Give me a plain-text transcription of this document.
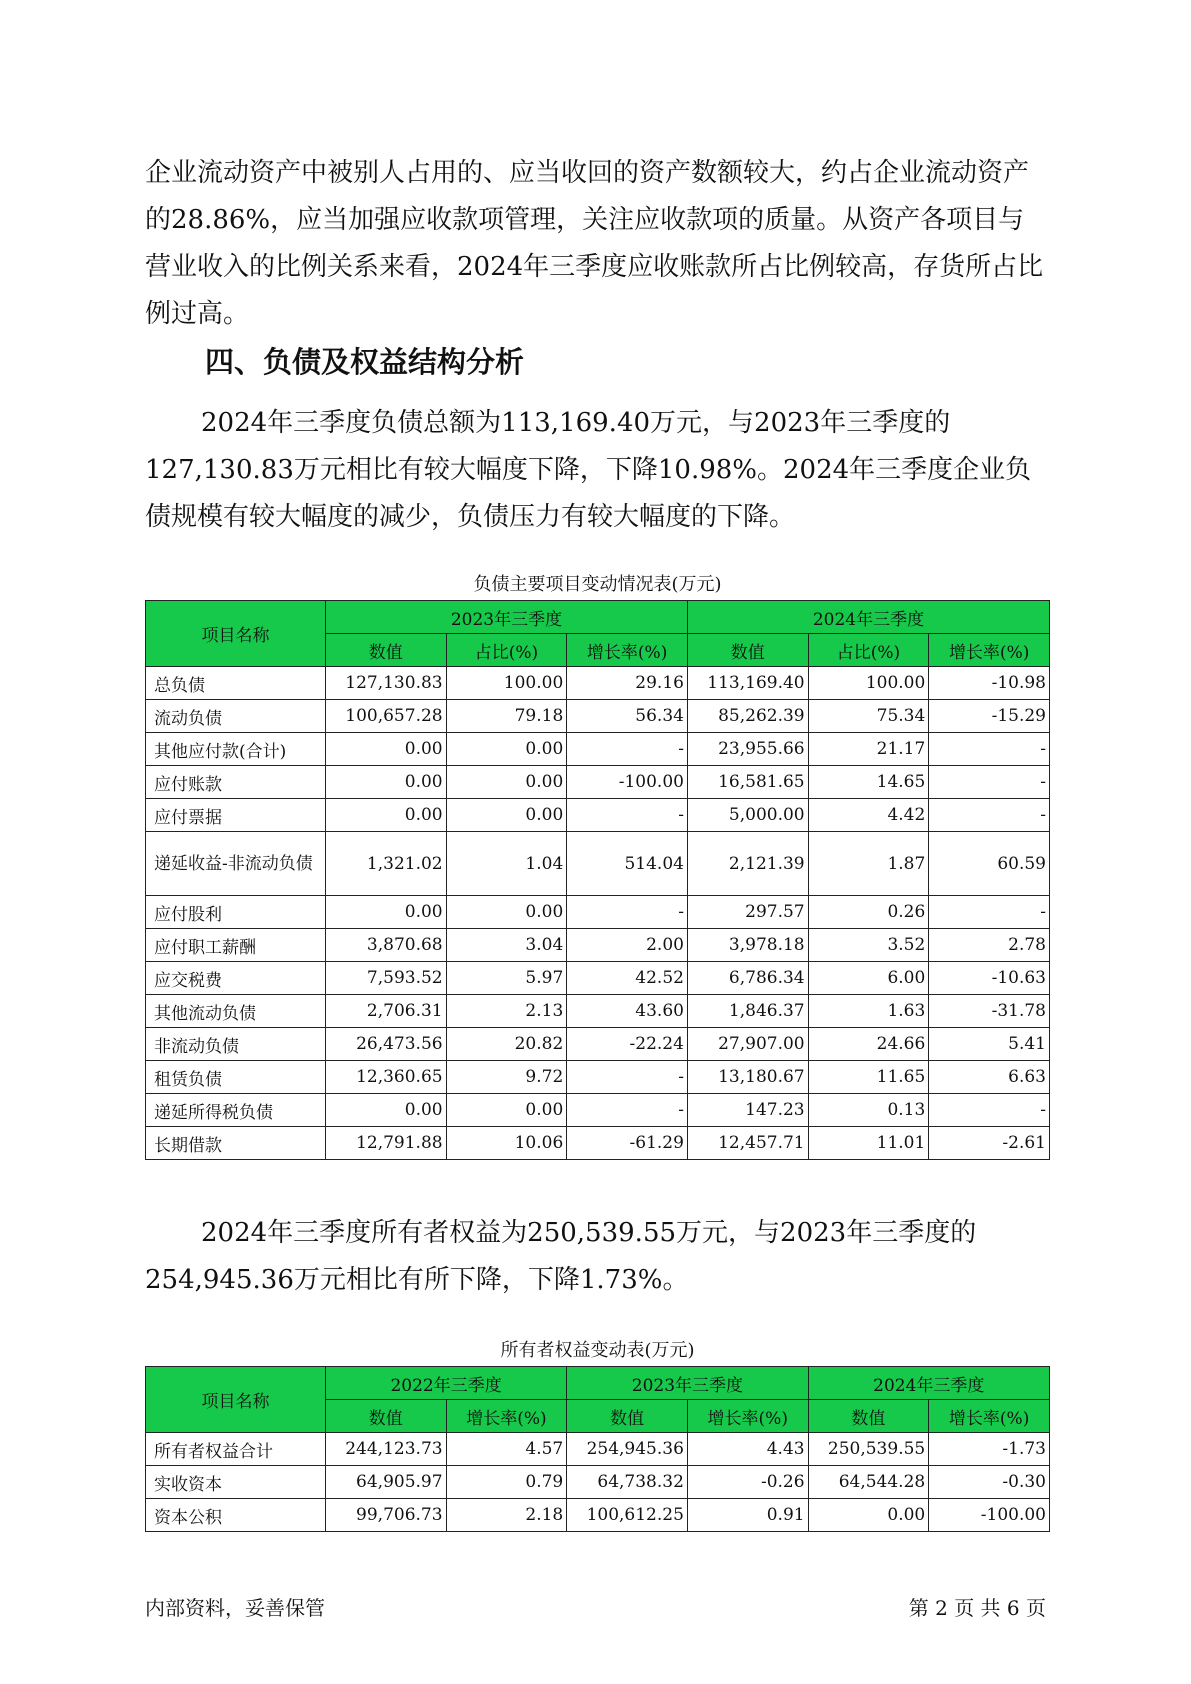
企业流动资产中被别人占用的、应当收回的资产数额较大，约占企业流动资产的28.86%，应当加强应收款项管理，关注应收款项的质量。从资产各项目与营业收入的比例关系来看，2024年三季度应收账款所占比例较高，存货所占比例过高。

四、负债及权益结构分析

2024年三季度负债总额为113,169.40万元，与2023年三季度的127,130.83万元相比有较大幅度下降，下降10.98%。2024年三季度企业负债规模有较大幅度的减少，负债压力有较大幅度的下降。

负债主要项目变动情况表(万元)
项目名称	2023年三季度			2024年三季度		
	数值	占比(%)	增长率(%)	数值	占比(%)	增长率(%)
总负债	127,130.83	100.00	29.16	113,169.40	100.00	-10.98
流动负债	100,657.28	79.18	56.34	85,262.39	75.34	-15.29
其他应付款(合计)	0.00	0.00	-	23,955.66	21.17	-
应付账款	0.00	0.00	-100.00	16,581.65	14.65	-
应付票据	0.00	0.00	-	5,000.00	4.42	-
递延收益-非流动负债	1,321.02	1.04	514.04	2,121.39	1.87	60.59
应付股利	0.00	0.00	-	297.57	0.26	-
应付职工薪酬	3,870.68	3.04	2.00	3,978.18	3.52	2.78
应交税费	7,593.52	5.97	42.52	6,786.34	6.00	-10.63
其他流动负债	2,706.31	2.13	43.60	1,846.37	1.63	-31.78
非流动负债	26,473.56	20.82	-22.24	27,907.00	24.66	5.41
租赁负债	12,360.65	9.72	-	13,180.67	11.65	6.63
递延所得税负债	0.00	0.00	-	147.23	0.13	-
长期借款	12,791.88	10.06	-61.29	12,457.71	11.01	-2.61

2024年三季度所有者权益为250,539.55万元，与2023年三季度的254,945.36万元相比有所下降，下降1.73%。

所有者权益变动表(万元)
项目名称	2022年三季度		2023年三季度		2024年三季度	
	数值	增长率(%)	数值	增长率(%)	数值	增长率(%)
所有者权益合计	244,123.73	4.57	254,945.36	4.43	250,539.55	-1.73
实收资本	64,905.97	0.79	64,738.32	-0.26	64,544.28	-0.30
资本公积	99,706.73	2.18	100,612.25	0.91	0.00	-100.00
内部资料，妥善保管	第 2 页 共 6 页
